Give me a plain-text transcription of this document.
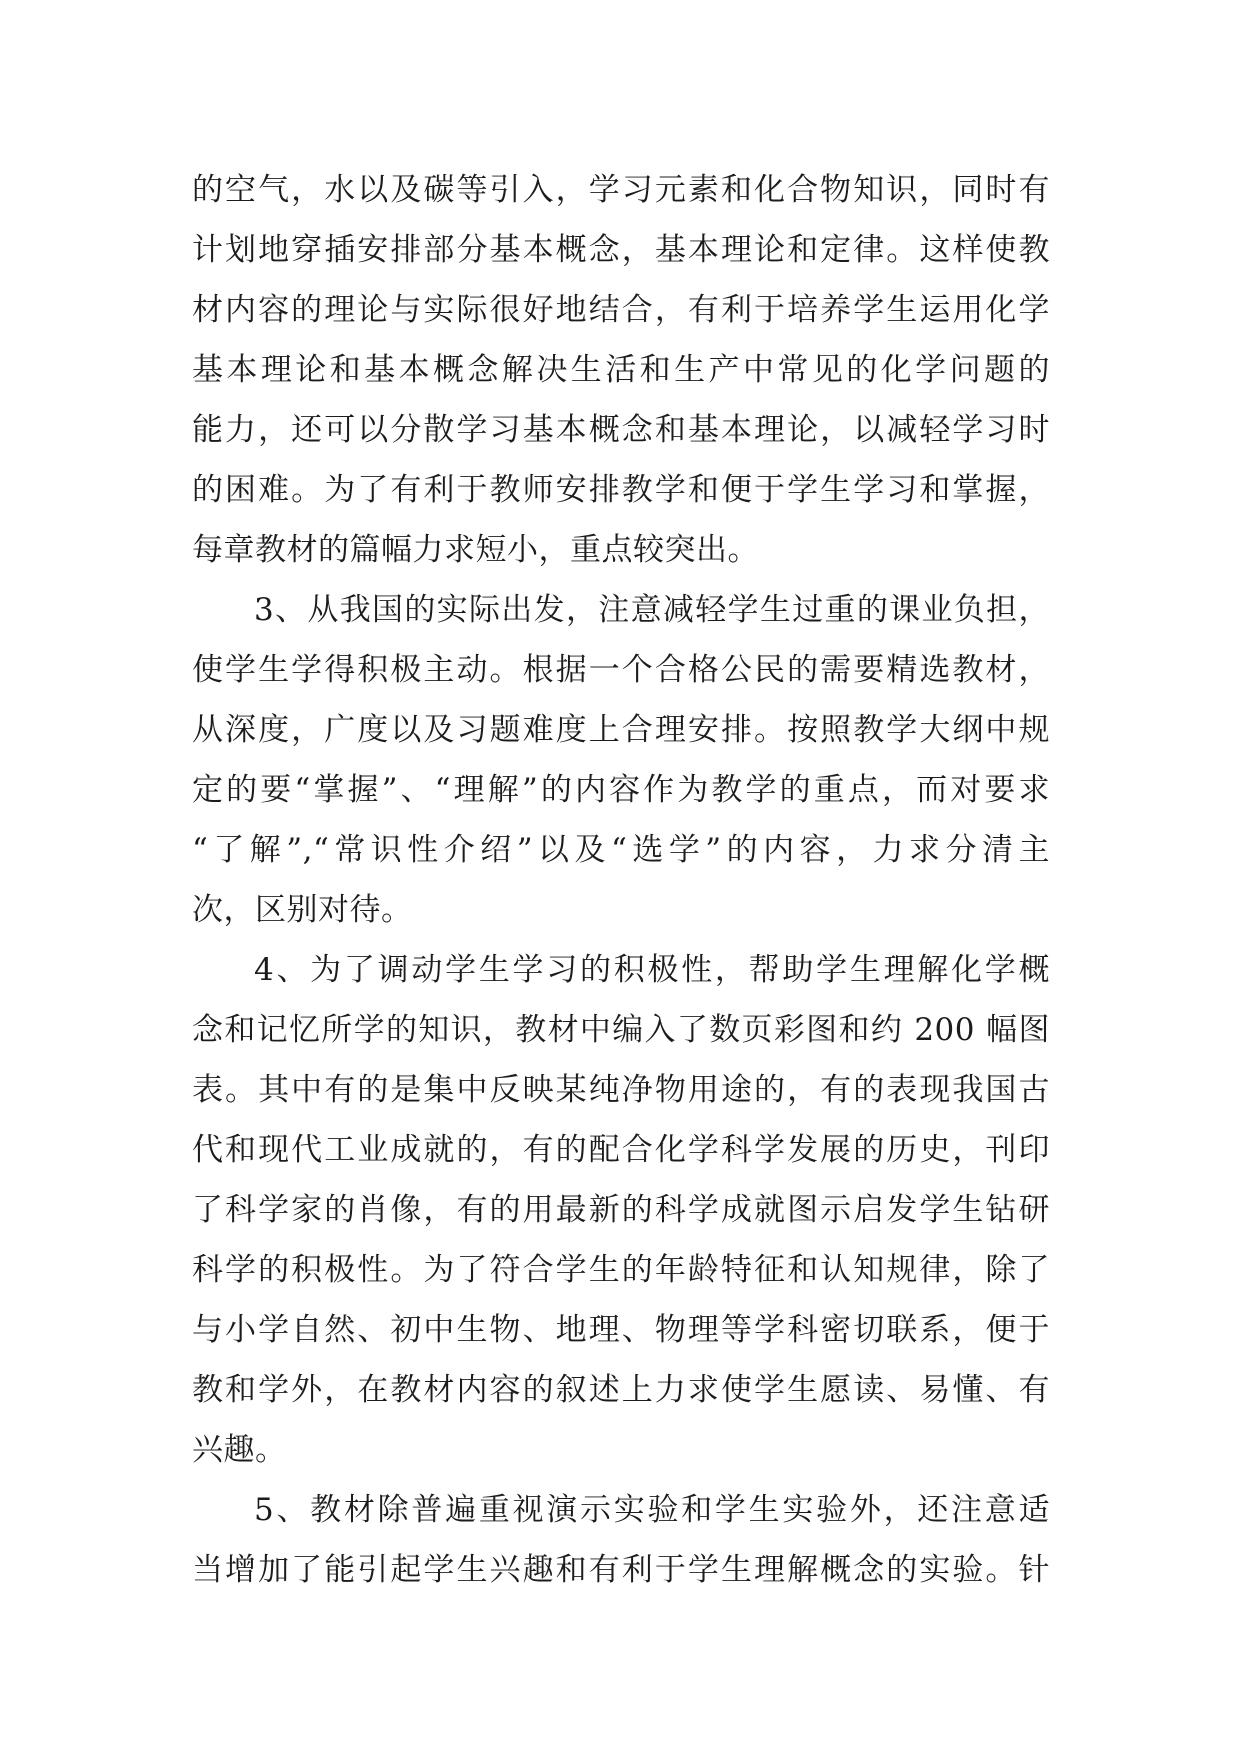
的空气，水以及碳等引入，学习元素和化合物知识，同时有
计划地穿插安排部分基本概念，基本理论和定律。这样使教
材内容的理论与实际很好地结合，有利于培养学生运用化学
基本理论和基本概念解决生活和生产中常见的化学问题的
能力，还可以分散学习基本概念和基本理论，以减轻学习时
的困难。为了有利于教师安排教学和便于学生学习和掌握，
每章教材的篇幅力求短小，重点较突出。
3、从我国的实际出发，注意减轻学生过重的课业负担，
使学生学得积极主动。根据一个合格公民的需要精选教材，
从深度，广度以及习题难度上合理安排。按照教学大纲中规
定的要“掌握”、“理解”的内容作为教学的重点，而对要求
“了解”,“常识性介绍”以及“选学”的内容，力求分清主
次，区别对待。
4、为了调动学生学习的积极性，帮助学生理解化学概
念和记忆所学的知识，教材中编入了数页彩图和约 200 幅图
表。其中有的是集中反映某纯净物用途的，有的表现我国古
代和现代工业成就的，有的配合化学科学发展的历史，刊印
了科学家的肖像，有的用最新的科学成就图示启发学生钻研
科学的积极性。为了符合学生的年龄特征和认知规律，除了
与小学自然、初中生物、地理、物理等学科密切联系，便于
教和学外，在教材内容的叙述上力求使学生愿读、易懂、有
兴趣。
5、教材除普遍重视演示实验和学生实验外，还注意适
当增加了能引起学生兴趣和有利于学生理解概念的实验。针
